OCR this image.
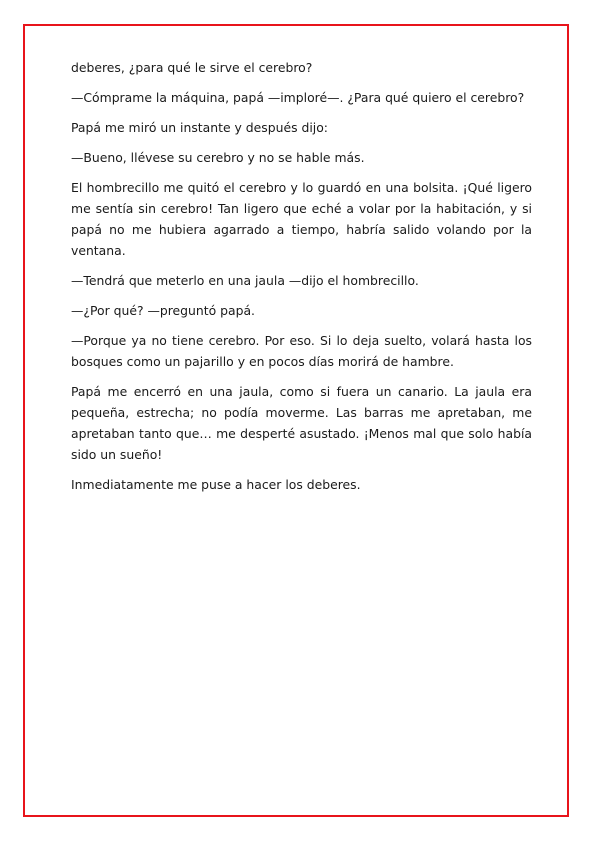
deberes, ¿para qué le sirve el cerebro?

—Cómprame la máquina, papá —imploré—. ¿Para qué quiero el cerebro?

Papá me miró un instante y después dijo:

—Bueno, llévese su cerebro y no se hable más.

El hombrecillo me quitó el cerebro y lo guardó en una bolsita. ¡Qué ligero me sentía sin cerebro! Tan ligero que eché a volar por la habitación, y si papá no me hubiera agarrado a tiempo, habría salido volando por la ventana.

—Tendrá que meterlo en una jaula —dijo el hombrecillo.

—¿Por qué? —preguntó papá.

—Porque ya no tiene cerebro. Por eso. Si lo deja suelto, volará hasta los bosques como un pajarillo y en pocos días morirá de hambre.

Papá me encerró en una jaula, como si fuera un canario. La jaula era pequeña, estrecha; no podía moverme. Las barras me apretaban, me apretaban tanto que… me desperté asustado. ¡Menos mal que solo había sido un sueño!

Inmediatamente me puse a hacer los deberes.
